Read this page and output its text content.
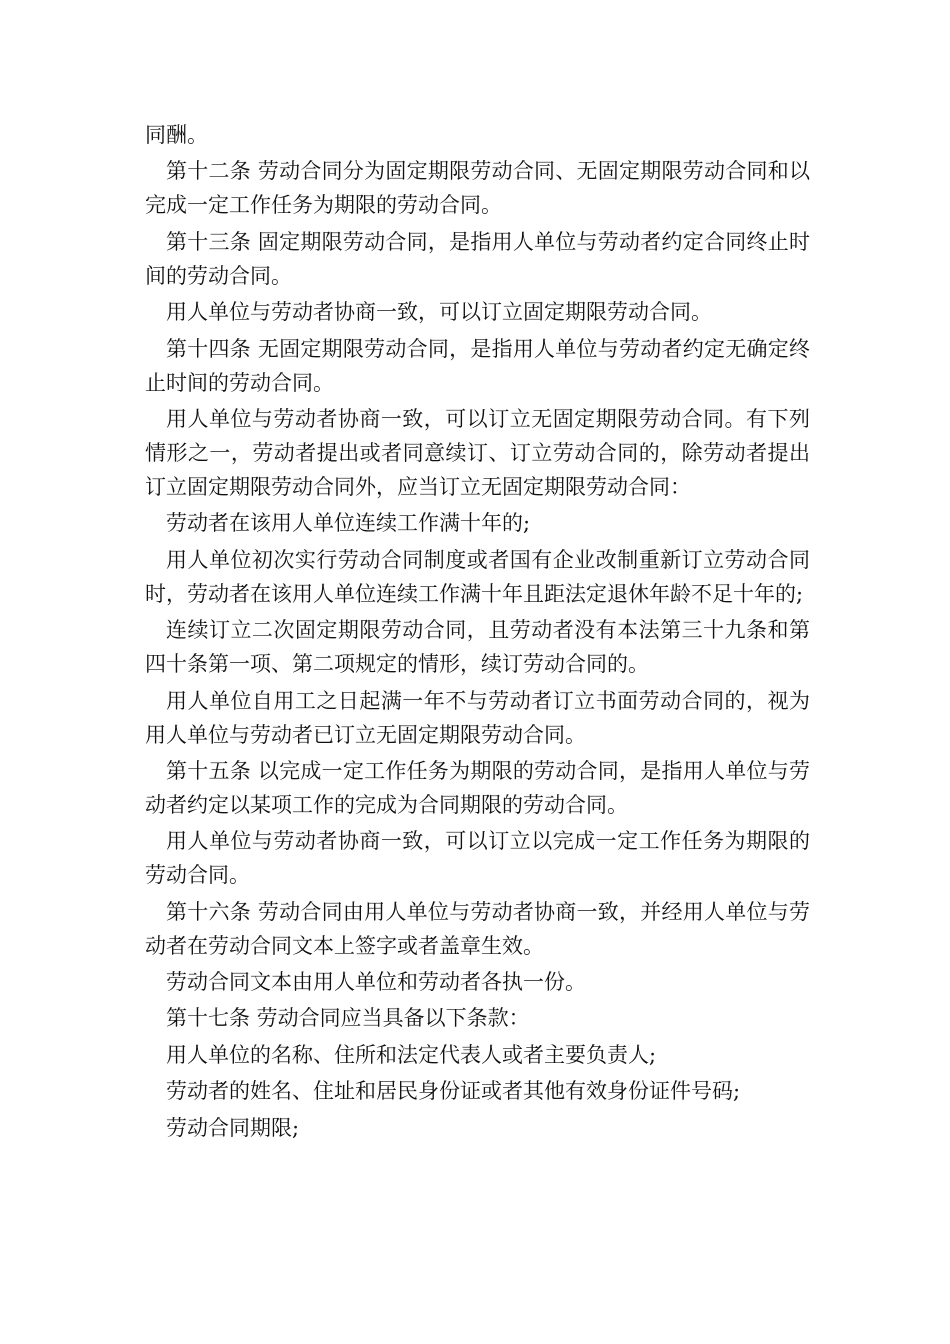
同酬。

第十二条 劳动合同分为固定期限劳动合同、无固定期限劳动合同和以完成一定工作任务为期限的劳动合同。

第十三条 固定期限劳动合同，是指用人单位与劳动者约定合同终止时间的劳动合同。

用人单位与劳动者协商一致，可以订立固定期限劳动合同。

第十四条 无固定期限劳动合同，是指用人单位与劳动者约定无确定终止时间的劳动合同。

用人单位与劳动者协商一致，可以订立无固定期限劳动合同。有下列情形之一，劳动者提出或者同意续订、订立劳动合同的，除劳动者提出订立固定期限劳动合同外，应当订立无固定期限劳动合同：

劳动者在该用人单位连续工作满十年的;

用人单位初次实行劳动合同制度或者国有企业改制重新订立劳动合同时，劳动者在该用人单位连续工作满十年且距法定退休年龄不足十年的;

连续订立二次固定期限劳动合同，且劳动者没有本法第三十九条和第四十条第一项、第二项规定的情形，续订劳动合同的。

用人单位自用工之日起满一年不与劳动者订立书面劳动合同的，视为用人单位与劳动者已订立无固定期限劳动合同。

第十五条 以完成一定工作任务为期限的劳动合同，是指用人单位与劳动者约定以某项工作的完成为合同期限的劳动合同。

用人单位与劳动者协商一致，可以订立以完成一定工作任务为期限的劳动合同。

第十六条 劳动合同由用人单位与劳动者协商一致，并经用人单位与劳动者在劳动合同文本上签字或者盖章生效。

劳动合同文本由用人单位和劳动者各执一份。

第十七条 劳动合同应当具备以下条款：

用人单位的名称、住所和法定代表人或者主要负责人;

劳动者的姓名、住址和居民身份证或者其他有效身份证件号码;

劳动合同期限;
